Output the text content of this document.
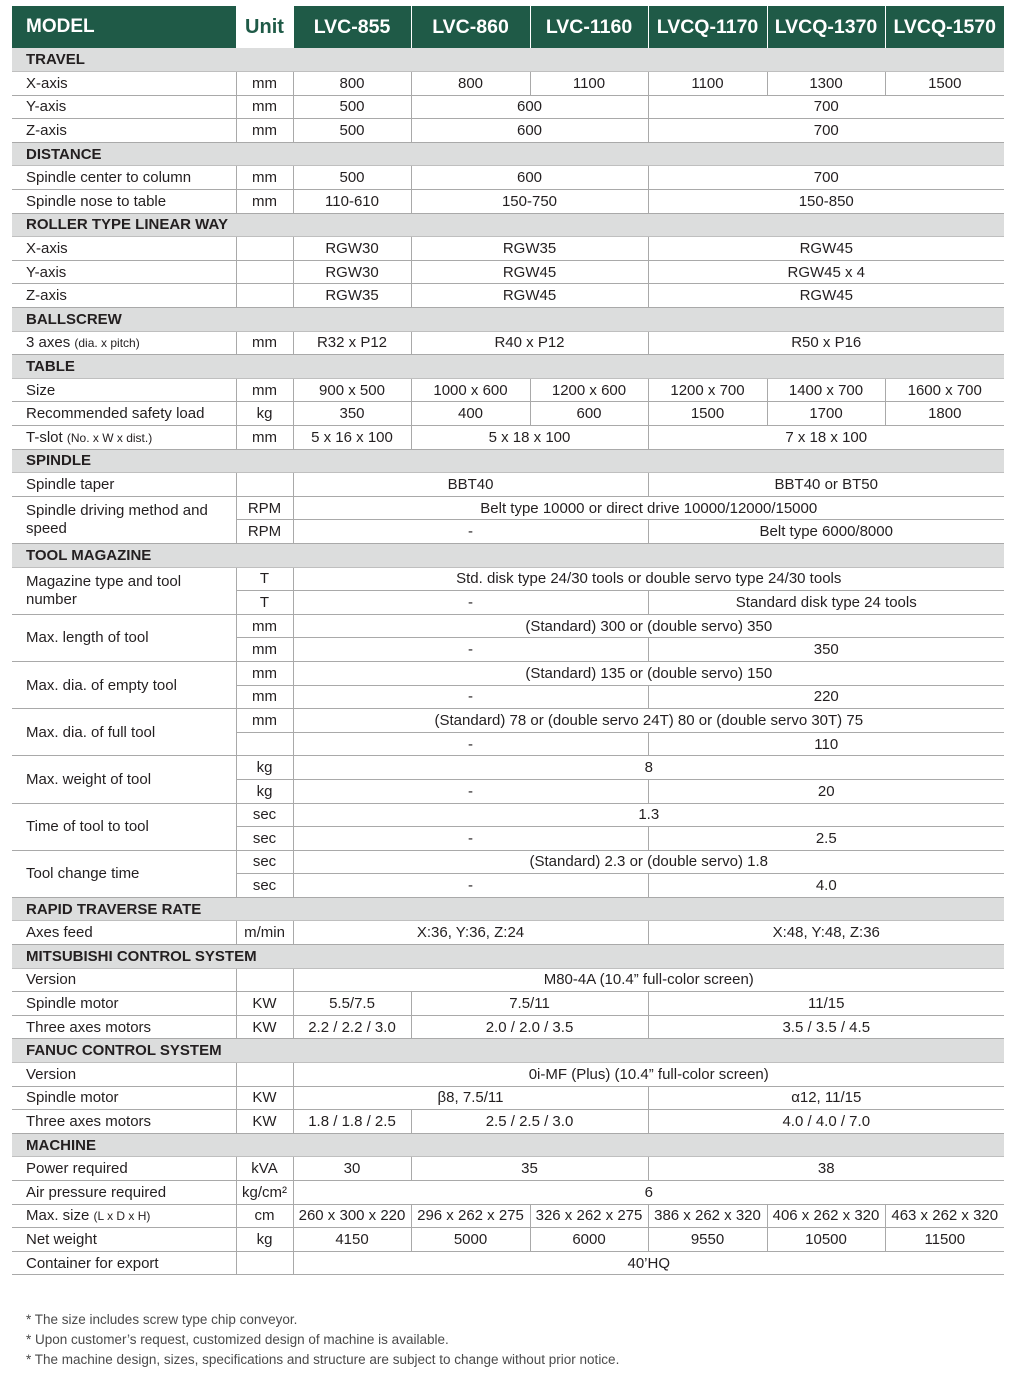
MODEL	Unit	LVC-855	LVC-860	LVC-1160	LVCQ-1170	LVCQ-1370	LVCQ-1570
TRAVEL							
X-axis	mm	800	800	1100	1100	1300	1500
Y-axis	mm	500	600		700		
Z-axis	mm	500	600		700		
DISTANCE							
Spindle center to column	mm	500	600		700		
Spindle nose to table	mm	110-610	150-750		150-850		
ROLLER TYPE LINEAR WAY							
X-axis		RGW30	RGW35		RGW45		
Y-axis		RGW30	RGW45		RGW45 x 4		
Z-axis		RGW35	RGW45		RGW45		
BALLSCREW							
3 axes (dia. x pitch)	mm	R32 x P12	R40 x P12		R50 x P16		
TABLE							
Size	mm	900 x 500	1000 x 600	1200 x 600	1200 x 700	1400 x 700	1600 x 700
Recommended safety load	kg	350	400	600	1500	1700	1800
T-slot (No. x W x dist.)	mm	5 x 16 x 100	5 x 18 x 100		7 x 18 x 100		
SPINDLE							
Spindle taper		BBT40			BBT40 or BT50		
Spindle driving method and speed	RPM	Belt type 10000 or direct drive 10000/12000/15000					
	RPM	-			Belt type 6000/8000		
TOOL MAGAZINE							
Magazine type and tool number	T	Std. disk type 24/30 tools or double servo type 24/30 tools					
	T	-			Standard disk type 24 tools		
Max. length of tool	mm	(Standard) 300 or (double servo) 350					
	mm	-			350		
Max. dia. of empty tool	mm	(Standard) 135 or (double servo) 150					
	mm	-			220		
Max. dia. of full tool	mm	(Standard) 78 or (double servo 24T) 80 or (double servo 30T) 75					
		-			110		
Max. weight of tool	kg	8					
	kg	-			20		
Time of tool to tool	sec	1.3					
	sec	-			2.5		
Tool change time	sec	(Standard) 2.3 or (double servo) 1.8					
	sec	-			4.0		
RAPID TRAVERSE RATE							
Axes feed	m/min	X:36, Y:36, Z:24			X:48, Y:48, Z:36		
MITSUBISHI CONTROL SYSTEM							
Version		M80-4A (10.4” full-color screen)					
Spindle motor	KW	5.5/7.5	7.5/11		11/15		
Three axes motors	KW	2.2 / 2.2 / 3.0	2.0 / 2.0 / 3.5		3.5 / 3.5 / 4.5		
FANUC CONTROL SYSTEM							
Version		0i-MF (Plus) (10.4” full-color screen)					
Spindle motor	KW	β8, 7.5/11			α12, 11/15		
Three axes motors	KW	1.8 / 1.8 / 2.5	2.5 / 2.5 / 3.0		4.0 / 4.0 / 7.0		
MACHINE							
Power required	kVA	30	35		38		
Air pressure required	kg/cm²	6					
Max. size (L x D x H)	cm	260 x 300 x 220	296 x 262 x 275	326 x 262 x 275	386 x 262 x 320	406 x 262 x 320	463 x 262 x 320
Net weight	kg	4150	5000	6000	9550	10500	11500
Container for export		40’HQ					
* The size includes screw type chip conveyor.
* Upon customer’s request, customized design of machine is available.
* The machine design, sizes, specifications and structure are subject to change without prior notice.
